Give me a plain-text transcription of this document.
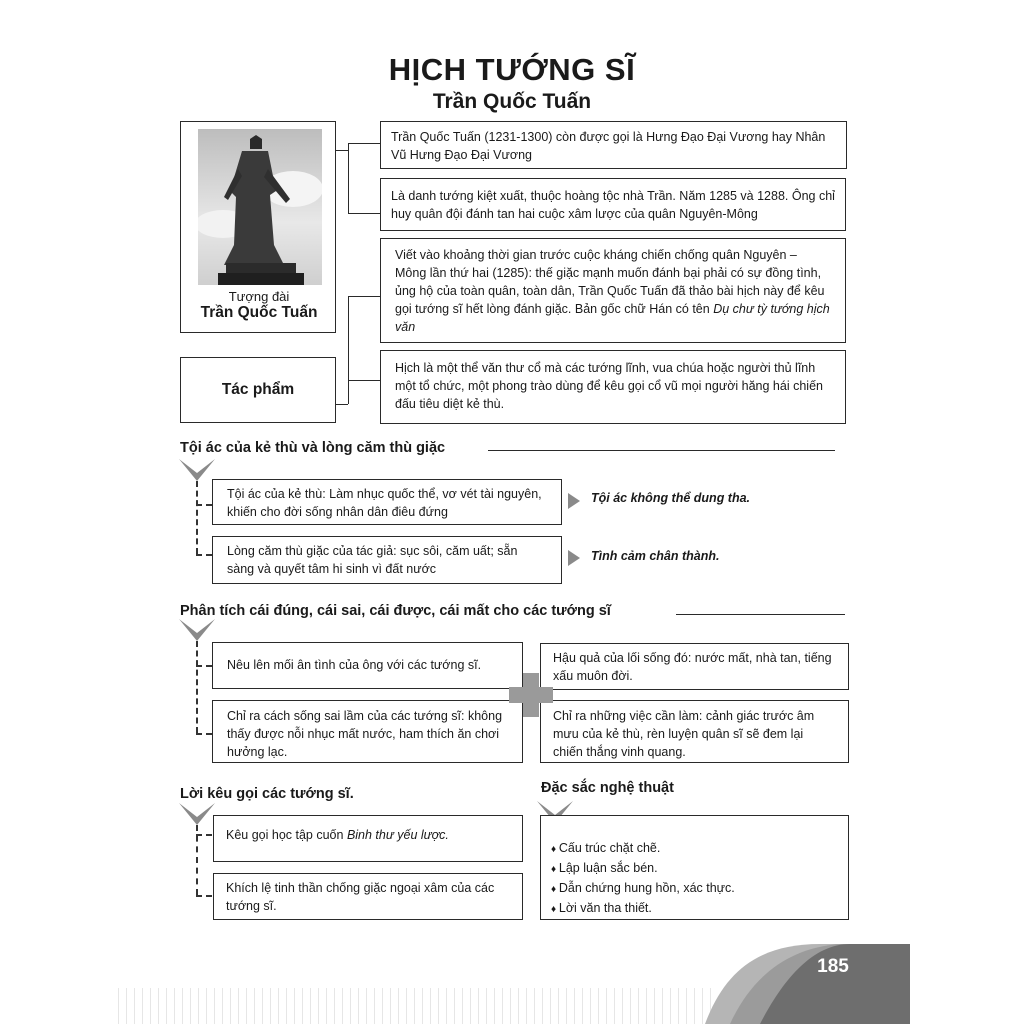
HỊCH TƯỚNG SĨ
Trần Quốc Tuấn
Tượng đài
Trần Quốc Tuấn
Tác phẩm
Trần Quốc Tuấn (1231-1300) còn được gọi là Hưng Đạo Đại Vương hay Nhân Vũ Hưng Đạo Đại Vương
Là danh tướng kiệt xuất, thuộc hoàng tộc nhà Trần. Năm 1285 và 1288. Ông chỉ huy quân đội đánh tan hai cuộc xâm lược của quân Nguyên-Mông
Viết vào khoảng thời gian trước cuộc kháng chiến chống quân Nguyên – Mông lần thứ hai (1285): thế giặc mạnh muốn đánh bại phải có sự đồng tình, ủng hộ của toàn quân, toàn dân, Trần Quốc Tuấn đã thảo bài hịch này để kêu gọi tướng sĩ hết lòng đánh giặc. Bản gốc chữ Hán có tên Dụ chư tỳ tướng hịch văn
Hịch là một thể văn thư cổ mà các tướng lĩnh, vua chúa hoặc người thủ lĩnh một tổ chức, một phong trào dùng để kêu gọi cổ vũ mọi người hăng hái chiến đấu tiêu diệt kẻ thù.
Tội ác của kẻ thù và lòng căm thù giặc
Tội ác của kẻ thù: Làm nhục quốc thể, vơ vét tài nguyên, khiến cho đời sống nhân dân điêu đứng
Tội ác không thể dung tha.
Lòng căm thù giặc của tác giả: sục sôi, căm uất; sẵn sàng và quyết tâm hi sinh vì đất nước
Tình cảm chân thành.
Phân tích cái đúng, cái sai, cái được, cái mất cho các tướng sĩ
Nêu lên mối ân tình của ông với các tướng sĩ.
Chỉ ra cách sống sai lầm của các tướng sĩ: không thấy được nỗi nhục mất nước, ham thích ăn chơi hưởng lạc.
Hậu quả của lối sống đó: nước mất, nhà tan, tiếng xấu muôn đời.
Chỉ ra những việc cần làm: cảnh giác trước âm mưu của kẻ thù, rèn luyện quân sĩ sẽ đem lại chiến thắng vinh quang.
Lời kêu gọi các tướng sĩ.
Kêu gọi học tập cuốn Binh thư yếu lược.
Khích lệ tinh thần chống giặc ngoại xâm của các tướng sĩ.
Đặc sắc nghệ thuật
♦ Cấu trúc chặt chẽ.
♦ Lập luận sắc bén.
♦ Dẫn chứng hung hồn, xác thực.
♦ Lời văn tha thiết.
185
